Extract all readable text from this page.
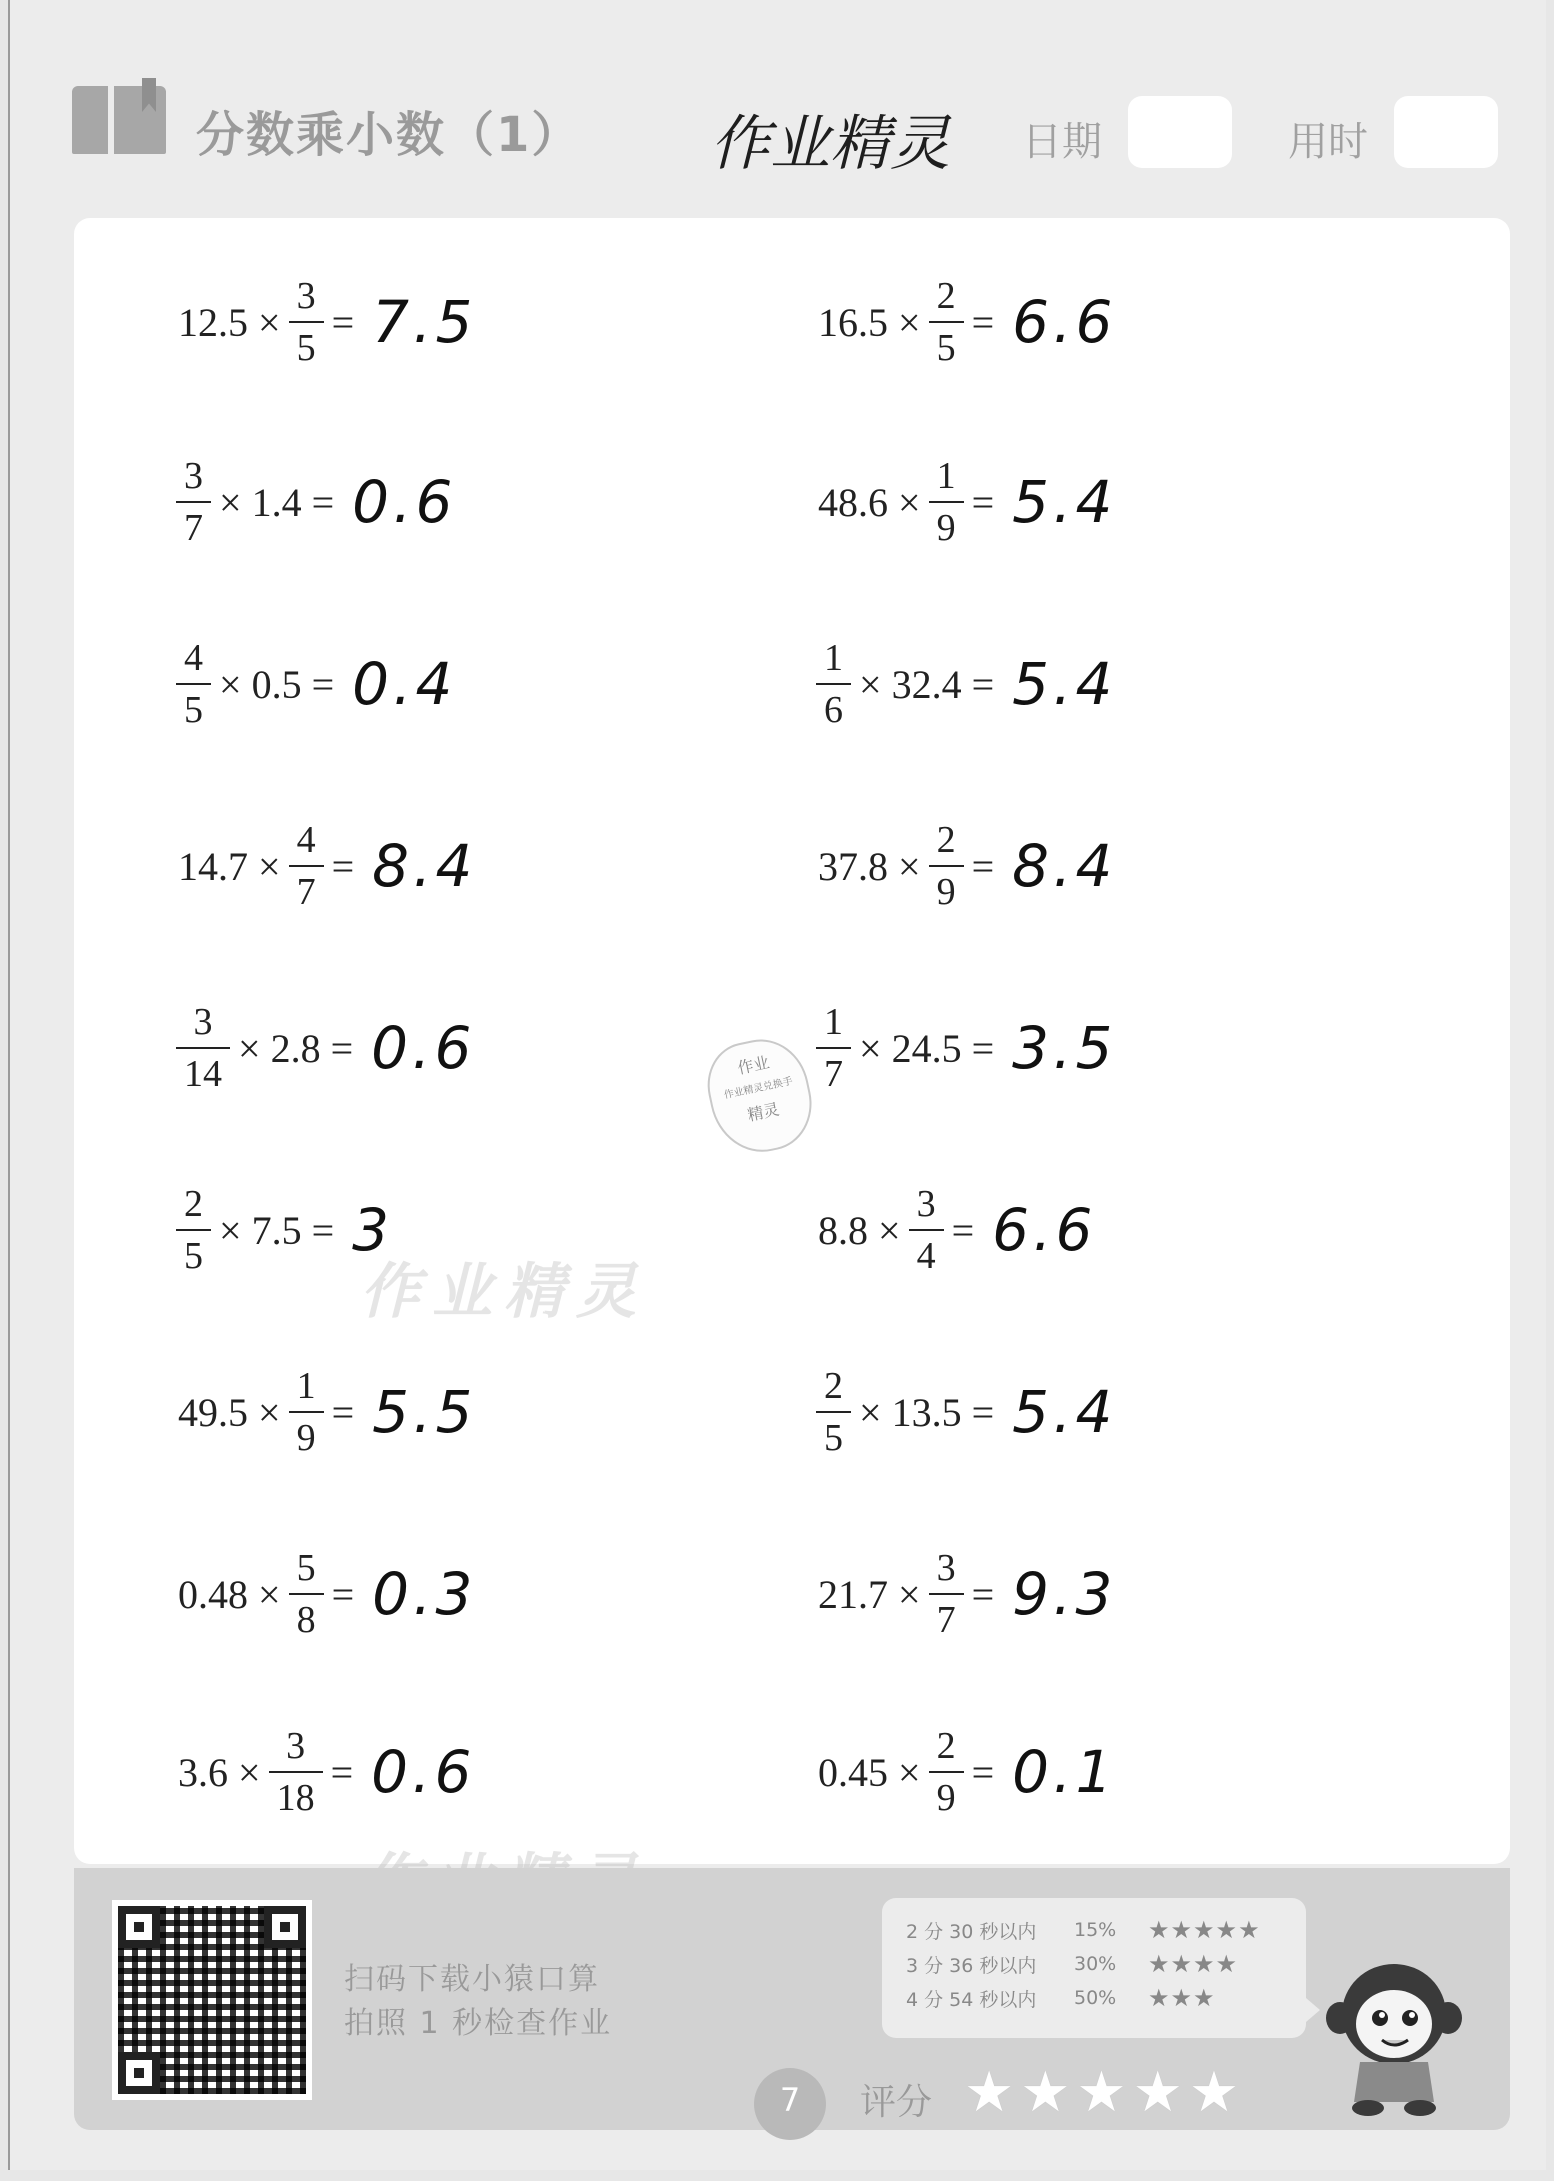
分数乘小数（1） 作业精灵 日期	用时
$12.5 \times \frac{3}{5} = 7.5$	$16.5 \times \frac{2}{5} = 6.6$
$\frac{3}{7} \times 1.4 = 0.6$	$48.6 \times \frac{1}{9} = 5.4$
$\frac{4}{5} \times 0.5 = 0.4$	$\frac{1}{6} \times 32.4 = 5.4$
$14.7 \times \frac{4}{7} = 8.4$	$37.8 \times \frac{2}{9} = 8.4$
$\frac{3}{14} \times 2.8 = 0.6$	$\frac{1}{7} \times 24.5 = 3.5$
$\frac{2}{5} \times 7.5 = 3$	$8.8 \times \frac{3}{4} = 6.6$
$49.5 \times \frac{1}{9} = 5.5$	$\frac{2}{5} \times 13.5 = 5.4$
$0.48 \times \frac{5}{8} = 0.3$	$21.7 \times \frac{3}{7} = 9.3$
$3.6 \times \frac{3}{18} = 0.6$	$0.45 \times \frac{2}{9} = 0.1$
作业精灵
作业
作业精灵兑换手
精灵
扫码下载小猿口算
拍照 1 秒检查作业
2 分 30 秒以内	15%	★★★★★
3 分 36 秒以内	30%	★★★★
4 分 54 秒以内	50%	★★★
7	评分 ★★★★★
